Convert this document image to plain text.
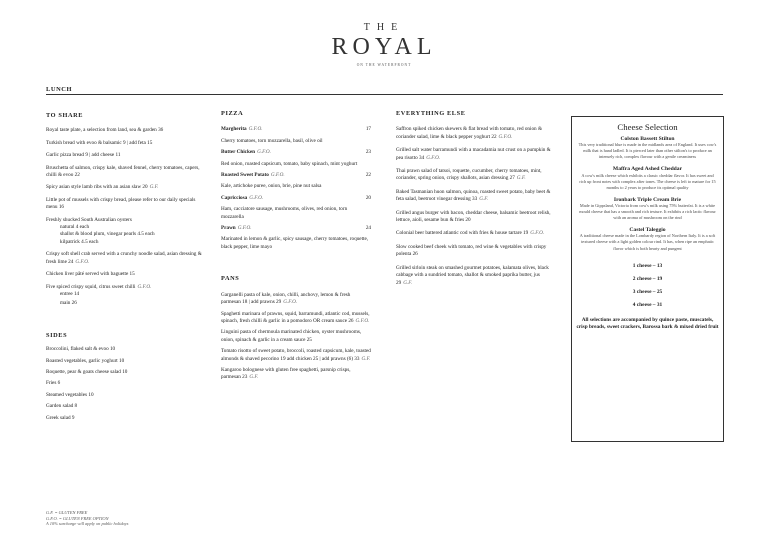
THE
ROYAL
ON THE WATERFRONT
LUNCH
TO SHARE
Royal taste plate, a selection from land, sea & garden 36
Turkish bread with evoo & balsamic 9 | add feta 15
Garlic pizza bread 9 | add cheese 11
Bruschetta of salmon, crispy kale, shaved fennel, cherry tomatoes, capers, chilli & evoo 22
Spicy asian style lamb ribs with an asian slaw 20 G.F.
Little pot of mussels with crispy bread, please refer to our daily specials menu 16
Freshly shucked South Australian oysters
natural 4 each
shallot & blood plum, vinegar pearls 4.5 each
kilpatrick 4.5 each
Crispy soft shell crab served with a crunchy noodle salad, asian dressing & fresh lime 24 G.F.O.
Chicken liver pâté served with baguette 15
Five spiced crispy squid, citrus sweet chilli G.F.O.
entree 14
main 26
SIDES
Broccolini, flaked salt & evoo 10
Roasted vegetables, garlic yoghurt 10
Roquette, pear & goats cheese salad 10
Fries 6
Steamed vegetables 10
Garden salad 8
Greek salad 9
PIZZA
Margherita G.F.O.	17
Cherry tomatoes, torn mozzarella, basil, olive oil
Butter Chicken G.F.O.	23
Red onion, roasted capsicum, tomato, baby spinach, mint yoghurt
Roasted Sweet Potato G.F.O.	22
Kale, artichoke puree, onion, brie, pine nut salsa
Capricciosa G.F.O.	20
Ham, cacciatore sausage, mushrooms, olives, red onion, torn mozzarella
Prawn G.F.O.	24
Marinated in lemon & garlic, spicy sausage, cherry tomatoes, roquette, black pepper, lime mayo
PANS
Garganelli pasta of kale, onion, chilli, anchovy, lemon & fresh parmesan 18 | add prawns 29 G.F.O.
Spaghetti marinara of prawns, squid, barramundi, atlantic cod, mussels, spinach, fresh chilli & garlic in a pomodoro OR cream sauce 26 G.F.O.
Linguini pasta of chermoula marinated chicken, oyster mushrooms, onion, spinach & garlic in a cream sauce 25
Tomato risotto of sweet potato, broccoli, roasted capsicum, kale, toasted almonds & shaved pecorino 19 add chicken 25 | add prawns (6) 33 G.F.
Kangaroo bolognese with gluten free spaghetti, parsnip crisps, parmesan 23 G.F.
EVERYTHING ELSE
Saffron spiked chicken skewers & flat bread with tomato, red onion & coriander salad, lime & black pepper yoghurt 22 G.F.O.
Grilled salt water barramundi with a macadamia nut crust on a pumpkin & pea risotto 34 G.F.O.
Thai prawn salad of tatsoi, roquette, cucumber, cherry tomatoes, mint, coriander, spring onion, crispy shallots, asian dressing 27 G.F.
Baked Tasmanian huon salmon, quinoa, roasted sweet potato, baby beet & feta salad, beetroot vinegar dressing 33 G.F.
Grilled angus burger with bacon, cheddar cheese, balsamic beetroot relish, lettuce, aioli, sesame bun & fries 20
Colonial beer battered atlantic cod with fries & house tartare 19 G.F.O.
Slow cooked beef cheek with tomato, red wine & vegetables with crispy polenta 26
Grilled sirloin steak on smashed gourmet potatoes, kalamata olives, black cabbage with a sundried tomato, shallot & smoked paprika butter, jus 29 G.F.
Cheese Selection
Colston Bassett Stilton
This very traditional blue is made in the midlands area of England. It uses cow's milk that is hand ladled. It is pierced later than other stilton's to produce an intensely rich, complex flavour with a gentle creaminess
Maffra Aged Ashed Cheddar
A cow's milk cheese which exhibits a classic cheddar flavor. It has sweet and rich up front notes with complex after tones. The cheese is left to mature for 15 months to 2 years to produce its optimal quality
Ironbark Triple Cream Brie
Made in Gippsland, Victoria from cow's milk using 75% butterfat. It is a white mould cheese that has a smooth and rich texture. It exhibits a rich lactic flavour with an aroma of mushroom on the rind
Castel Taleggio
A traditional cheese made in the Lombardy region of Northern Italy. It is a soft textured cheese with a light golden colour rind. It has, when ripe an emphatic flavor which is both hearty and pungent
1 cheese – 13
2 cheese – 19
3 cheese – 25
4 cheese – 31
All selections are accompanied by quince paste, muscatels, crisp breads, sweet crackers, Barossa bark & mixed dried fruit
G.F. = GLUTEN FREE
G.F.O. = GLUTEN FREE OPTION
A 10% surcharge will apply on public holidays
